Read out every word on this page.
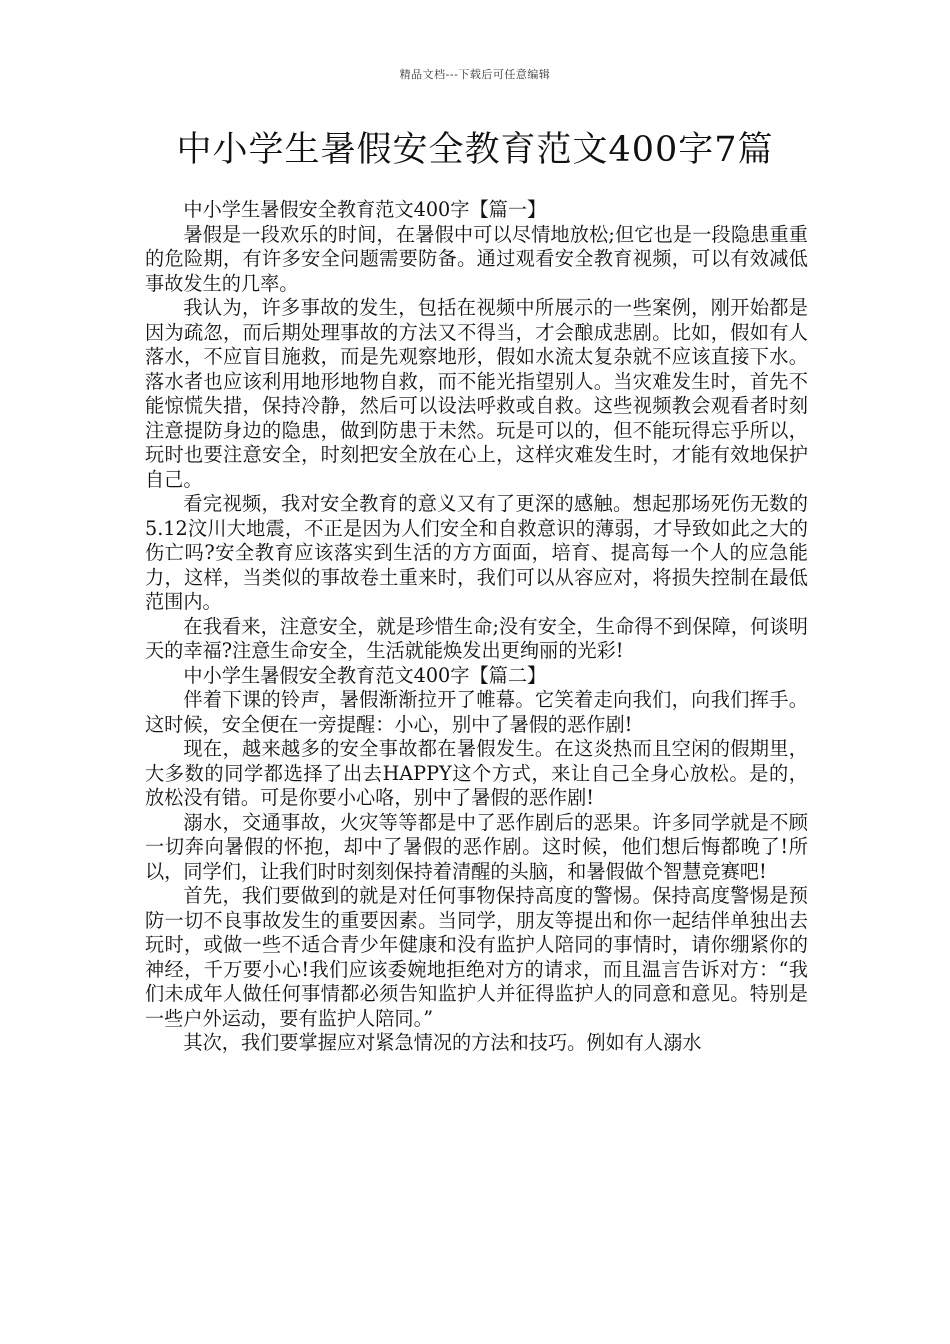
精品文档---下载后可任意编辑
中小学生暑假安全教育范文400字7篇

中小学生暑假安全教育范文400字【篇一】

暑假是一段欢乐的时间，在暑假中可以尽情地放松;但它也是一段隐患重重的危险期，有许多安全问题需要防备。通过观看安全教育视频，可以有效减低事故发生的几率。

我认为，许多事故的发生，包括在视频中所展示的一些案例，刚开始都是因为疏忽，而后期处理事故的方法又不得当，才会酿成悲剧。比如，假如有人落水，不应盲目施救，而是先观察地形，假如水流太复杂就不应该直接下水。落水者也应该利用地形地物自救，而不能光指望别人。当灾难发生时，首先不能惊慌失措，保持冷静，然后可以设法呼救或自救。这些视频教会观看者时刻注意提防身边的隐患，做到防患于未然。玩是可以的，但不能玩得忘乎所以，玩时也要注意安全，时刻把安全放在心上，这样灾难发生时，才能有效地保护自己。

看完视频，我对安全教育的意义又有了更深的感触。想起那场死伤无数的5.12汶川大地震，不正是因为人们安全和自救意识的薄弱，才导致如此之大的伤亡吗?安全教育应该落实到生活的方方面面，培育、提高每一个人的应急能力，这样，当类似的事故卷土重来时，我们可以从容应对，将损失控制在最低范围内。

在我看来，注意安全，就是珍惜生命;没有安全，生命得不到保障，何谈明天的幸福?注意生命安全，生活就能焕发出更绚丽的光彩!

中小学生暑假安全教育范文400字【篇二】

伴着下课的铃声，暑假渐渐拉开了帷幕。它笑着走向我们，向我们挥手。这时候，安全便在一旁提醒：小心，别中了暑假的恶作剧!

现在，越来越多的安全事故都在暑假发生。在这炎热而且空闲的假期里，大多数的同学都选择了出去HAPPY这个方式，来让自己全身心放松。是的，放松没有错。可是你要小心咯，别中了暑假的恶作剧!

溺水，交通事故，火灾等等都是中了恶作剧后的恶果。许多同学就是不顾一切奔向暑假的怀抱，却中了暑假的恶作剧。这时候，他们想后悔都晚了!所以，同学们，让我们时时刻刻保持着清醒的头脑，和暑假做个智慧竞赛吧!

首先，我们要做到的就是对任何事物保持高度的警惕。保持高度警惕是预防一切不良事故发生的重要因素。当同学，朋友等提出和你一起结伴单独出去玩时，或做一些不适合青少年健康和没有监护人陪同的事情时，请你绷紧你的神经，千万要小心!我们应该委婉地拒绝对方的请求，而且温言告诉对方：“我们未成年人做任何事情都必须告知监护人并征得监护人的同意和意见。特别是一些户外运动，要有监护人陪同。”

其次，我们要掌握应对紧急情况的方法和技巧。例如有人溺水
